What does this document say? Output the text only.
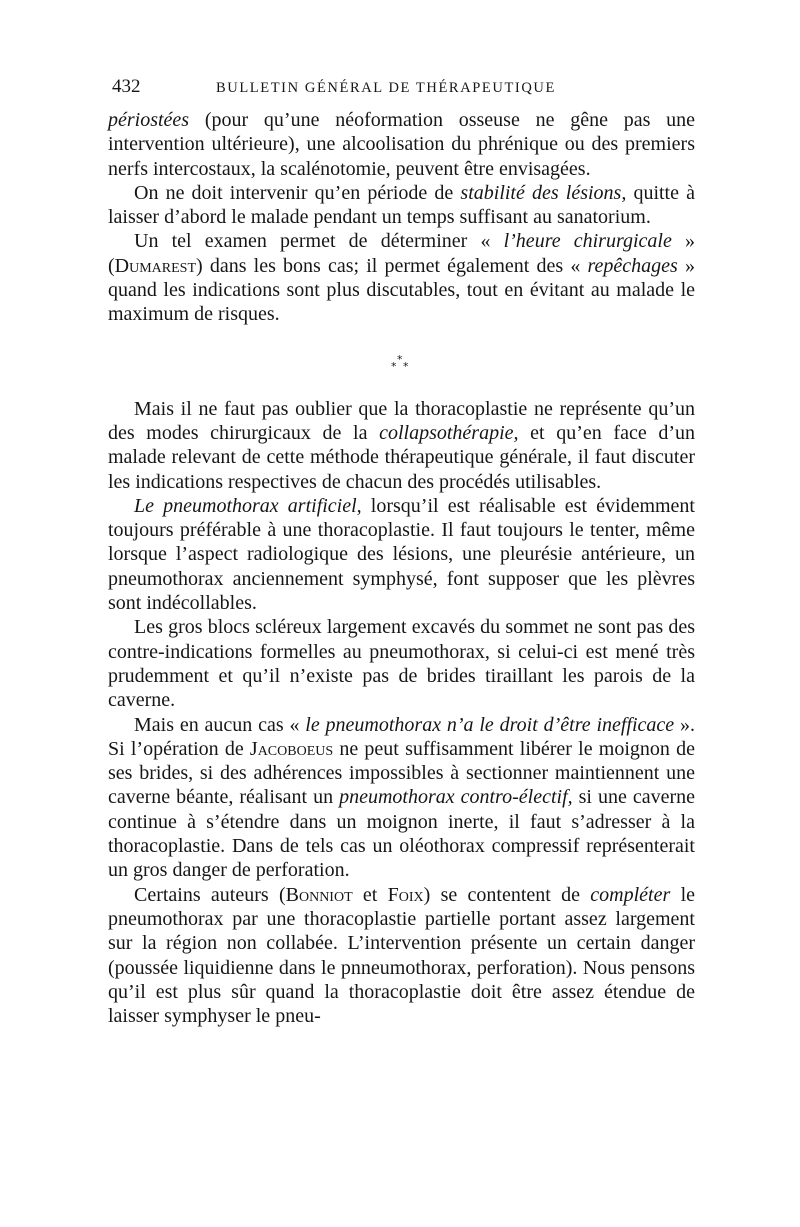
432	BULLETIN GÉNÉRAL DE THÉRAPEUTIQUE

périostées (pour qu’une néoformation osseuse ne gêne pas une intervention ultérieure), une alcoolisation du phrénique ou des premiers nerfs intercostaux, la scalénotomie, peuvent être envisagées.

On ne doit intervenir qu’en période de stabilité des lésions, quitte à laisser d’abord le malade pendant un temps suffisant au sanatorium.

Un tel examen permet de déterminer « l’heure chirurgicale » (Dumarest) dans les bons cas; il permet également des « repêchages » quand les indications sont plus discutables, tout en évitant au malade le maximum de risques.

*
* *

Mais il ne faut pas oublier que la thoracoplastie ne représente qu’un des modes chirurgicaux de la collapsothérapie, et qu’en face d’un malade relevant de cette méthode thérapeutique générale, il faut discuter les indications respectives de chacun des procédés utilisables.

Le pneumothorax artificiel, lorsqu’il est réalisable est évidemment toujours préférable à une thoracoplastie. Il faut toujours le tenter, même lorsque l’aspect radiologique des lésions, une pleurésie antérieure, un pneumothorax anciennement symphysé, font supposer que les plèvres sont indécollables.

Les gros blocs scléreux largement excavés du sommet ne sont pas des contre-indications formelles au pneumothorax, si celui-ci est mené très prudemment et qu’il n’existe pas de brides tiraillant les parois de la caverne.

Mais en aucun cas « le pneumothorax n’a le droit d’être inefficace ». Si l’opération de Jacoboeus ne peut suffisamment libérer le moignon de ses brides, si des adhérences impossibles à sectionner maintiennent une caverne béante, réalisant un pneumothorax contro-électif, si une caverne continue à s’étendre dans un moignon inerte, il faut s’adresser à la thoracoplastie. Dans de tels cas un oléothorax compressif représenterait un gros danger de perforation.

Certains auteurs (Bonniot et Foix) se contentent de compléter le pneumothorax par une thoracoplastie partielle portant assez largement sur la région non collabée. L’intervention présente un certain danger (poussée liquidienne dans le pnneumothorax, perforation). Nous pensons qu’il est plus sûr quand la thoracoplastie doit être assez étendue de laisser symphyser le pneu-
